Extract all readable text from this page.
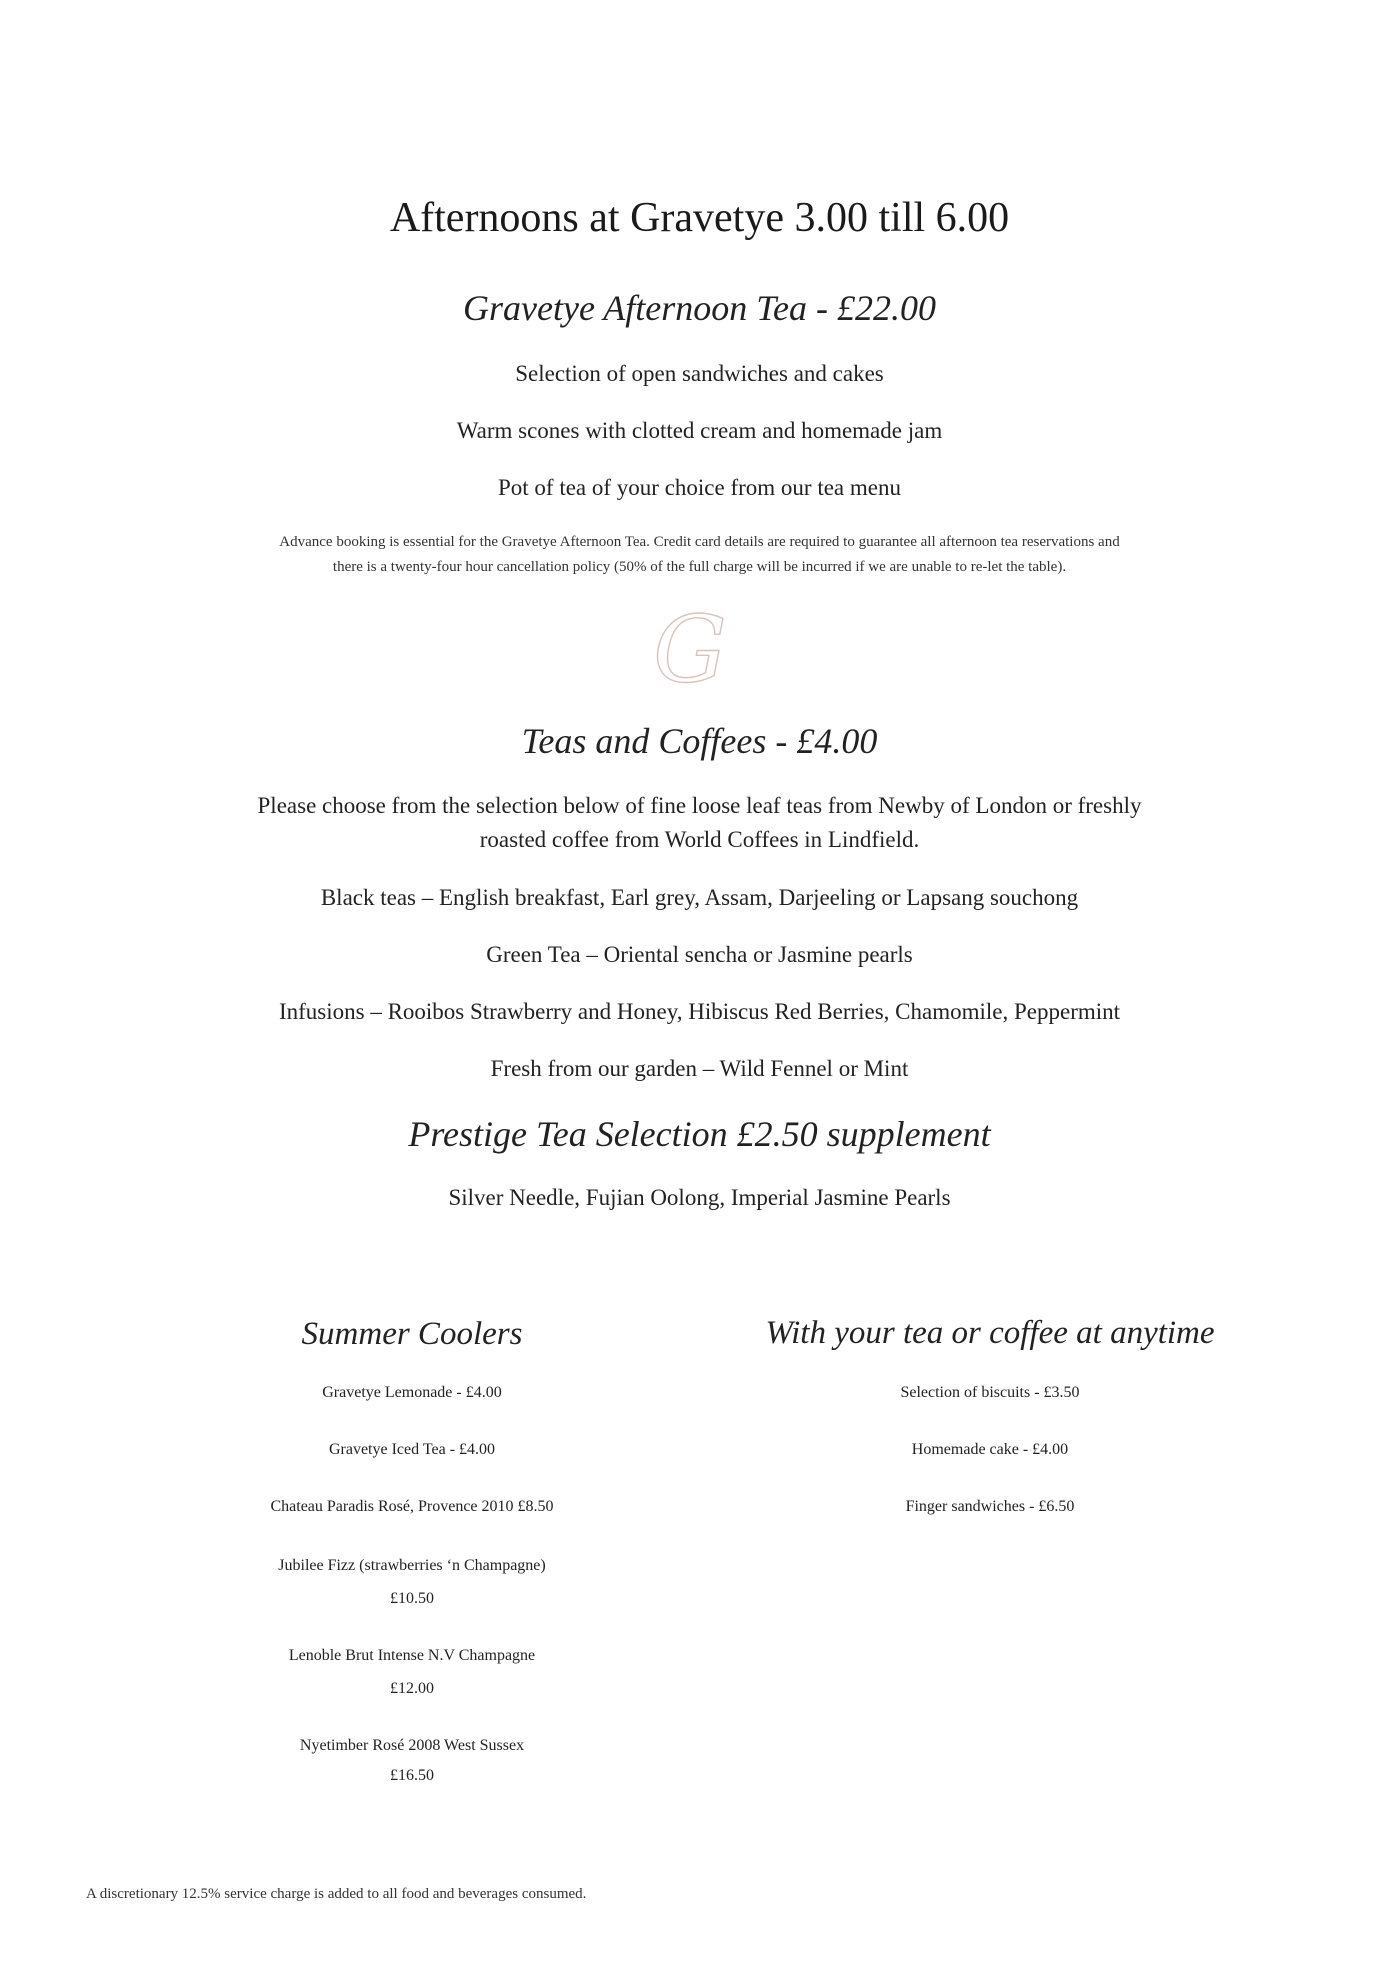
Afternoons at Gravetye 3.00 till 6.00
Gravetye Afternoon Tea - £22.00
Selection of open sandwiches and cakes
Warm scones with clotted cream and homemade jam
Pot of tea of your choice from our tea menu
Advance booking is essential for the Gravetye Afternoon Tea. Credit card details are required to guarantee all afternoon tea reservations and
there is a twenty-four hour cancellation policy (50% of the full charge will be incurred if we are unable to re-let the table).
G
Teas and Coffees - £4.00
Please choose from the selection below of fine loose leaf teas from Newby of London or freshly
roasted coffee from World Coffees in Lindfield.
Black teas – English breakfast, Earl grey, Assam, Darjeeling or Lapsang souchong
Green Tea – Oriental sencha or Jasmine pearls
Infusions – Rooibos Strawberry and Honey, Hibiscus Red Berries, Chamomile, Peppermint
Fresh from our garden – Wild Fennel or Mint
Prestige Tea Selection £2.50 supplement
Silver Needle, Fujian Oolong, Imperial Jasmine Pearls
Summer Coolers
Gravetye Lemonade - £4.00
Gravetye Iced Tea - £4.00
Chateau Paradis Rosé, Provence 2010 £8.50
Jubilee Fizz (strawberries ‘n Champagne)
£10.50
Lenoble Brut Intense N.V Champagne
£12.00
Nyetimber Rosé 2008 West Sussex
£16.50
With your tea or coffee at anytime
Selection of biscuits - £3.50
Homemade cake - £4.00
Finger sandwiches - £6.50
A discretionary 12.5% service charge is added to all food and beverages consumed.
